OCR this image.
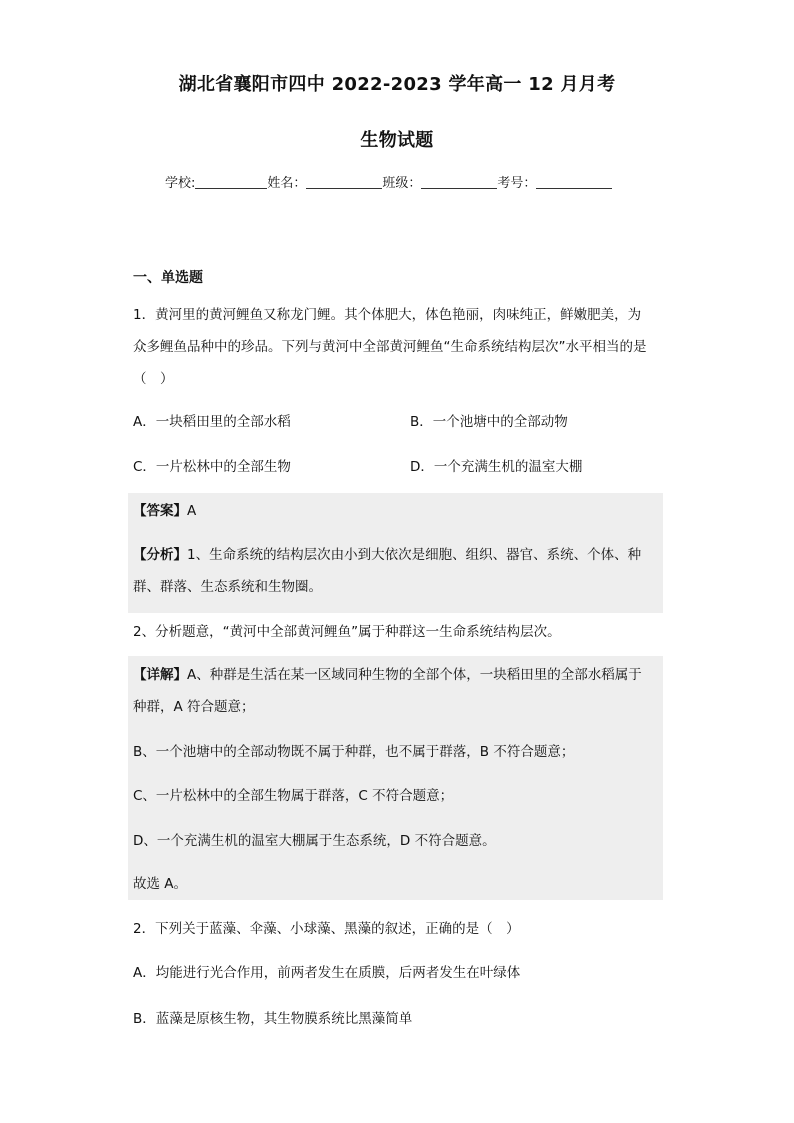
湖北省襄阳市四中 2022-2023 学年高一 12 月月考
生物试题
学校:	姓名：	班级：	考号：
一、单选题
1．黄河里的黄河鲤鱼又称龙门鲤。其个体肥大，体色艳丽，肉味纯正，鲜嫩肥美，为
众多鲤鱼品种中的珍品。下列与黄河中全部黄河鲤鱼“生命系统结构层次”水平相当的是
（　）
A．一块稻田里的全部水稻	B．一个池塘中的全部动物
C．一片松林中的全部生物	D．一个充满生机的温室大棚
【答案】A
【分析】1、生命系统的结构层次由小到大依次是细胞、组织、器官、系统、个体、种
群、群落、生态系统和生物圈。
2、分析题意，“黄河中全部黄河鲤鱼”属于种群这一生命系统结构层次。
【详解】A、种群是生活在某一区域同种生物的全部个体，一块稻田里的全部水稻属于
种群，A 符合题意；
B、一个池塘中的全部动物既不属于种群，也不属于群落，B 不符合题意；
C、一片松林中的全部生物属于群落，C 不符合题意；
D、一个充满生机的温室大棚属于生态系统，D 不符合题意。
故选 A。
2．下列关于蓝藻、伞藻、小球藻、黑藻的叙述，正确的是（　）
A．均能进行光合作用，前两者发生在质膜，后两者发生在叶绿体
B．蓝藻是原核生物，其生物膜系统比黑藻简单
